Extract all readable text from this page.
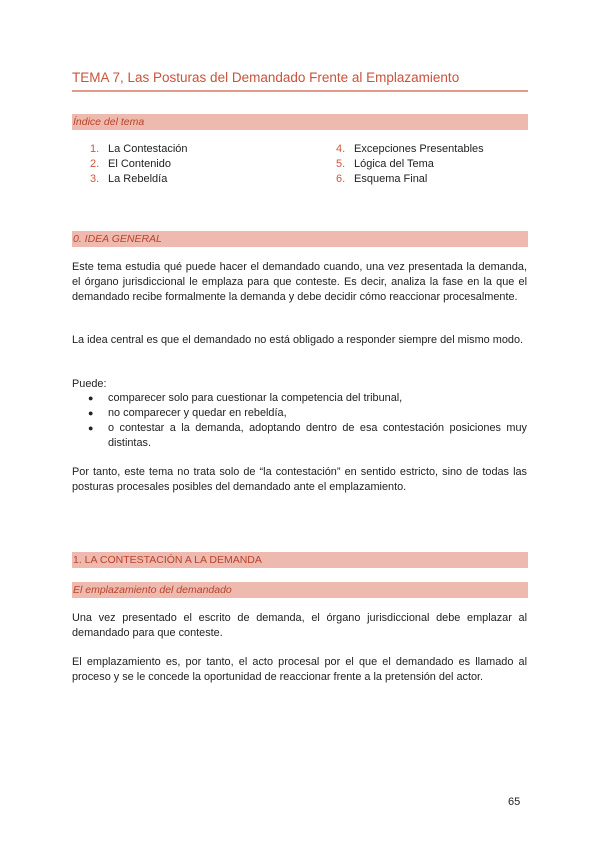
TEMA 7, Las Posturas del Demandado Frente al Emplazamiento
Índice del tema
1. La Contestación
2. El Contenido
3. La Rebeldía
4. Excepciones Presentables
5. Lógica del Tema
6. Esquema Final
0. IDEA GENERAL

Este tema estudia qué puede hacer el demandado cuando, una vez presentada la demanda, el órgano jurisdiccional le emplaza para que conteste. Es decir, analiza la fase en la que el demandado recibe formalmente la demanda y debe decidir cómo reaccionar procesalmente.

La idea central es que el demandado no está obligado a responder siempre del mismo modo.

Puede:

● comparecer solo para cuestionar la competencia del tribunal,
● no comparecer y quedar en rebeldía,
● o contestar a la demanda, adoptando dentro de esa contestación posiciones muy distintas.

Por tanto, este tema no trata solo de “la contestación” en sentido estricto, sino de todas las posturas procesales posibles del demandado ante el emplazamiento.

1. LA CONTESTACIÓN A LA DEMANDA
El emplazamiento del demandado

Una vez presentado el escrito de demanda, el órgano jurisdiccional debe emplazar al demandado para que conteste.

El emplazamiento es, por tanto, el acto procesal por el que el demandado es llamado al proceso y se le concede la oportunidad de reaccionar frente a la pretensión del actor.

65
